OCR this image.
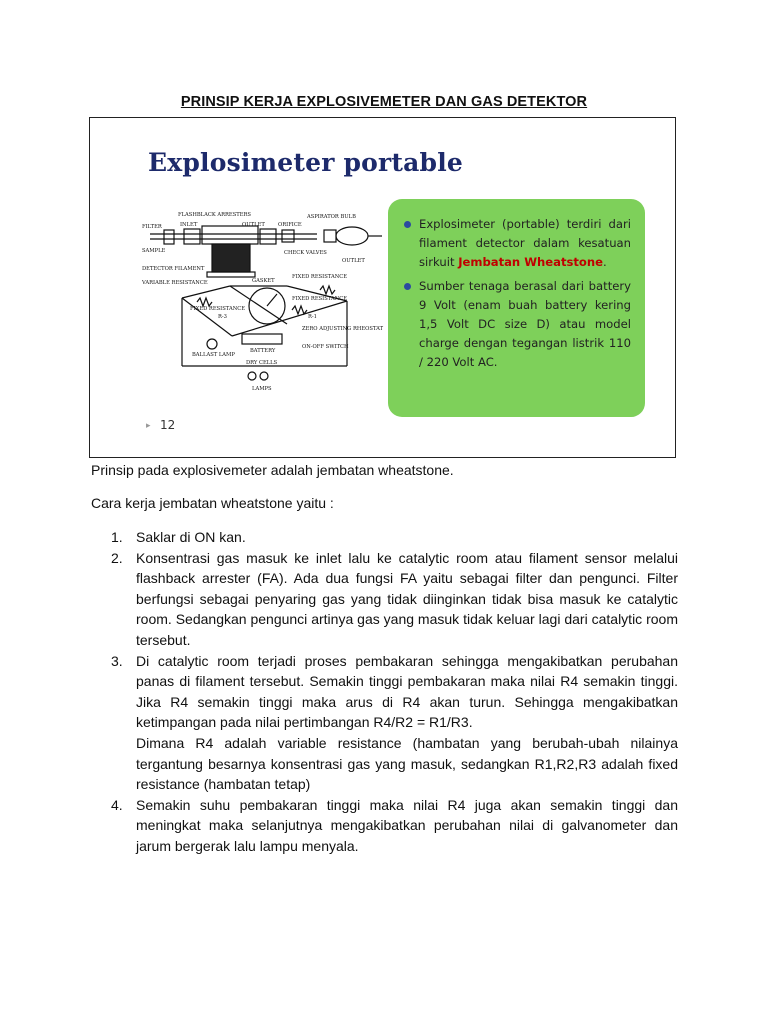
PRINSIP KERJA EXPLOSIVEMETER DAN GAS DETEKTOR
Explosimeter portable
FLASHBLACK ARRESTERS	ASPIRATOR BULB
FILTER	INLET	OUTLET	ORIFICE
SAMPLE	CHECK VALVES
OUTLET
GASKET
DETECTOR FILAMENT
VARIABLE RESISTANCE
FIXED RESISTANCE
FIXED RESISTANCE
R-3
FIXED RESISTANCE
R-1
ZERO ADJUSTING RHEOSTAT
BALLAST LAMP
BATTERY
ON-OFF SWITCH
DRY CELLS
LAMPS
Explosimeter (portable) terdiri dari filament detector dalam kesatuan sirkuit Jembatan Wheatstone.
Sumber tenaga berasal dari battery 9 Volt (enam buah battery kering 1,5 Volt DC size D) atau model charge dengan tegangan listrik 110 / 220 Volt AC.
▸ 12
Prinsip pada explosivemeter adalah jembatan wheatstone.
Cara kerja jembatan wheatstone yaitu :
1. Saklar di ON kan.

2. Konsentrasi gas masuk ke inlet lalu ke catalytic room atau filament sensor melalui flashback arrester (FA). Ada dua fungsi FA yaitu sebagai filter dan pengunci. Filter berfungsi sebagai penyaring gas yang tidak diinginkan tidak bisa masuk ke catalytic room. Sedangkan pengunci artinya gas yang masuk tidak keluar lagi dari catalytic room tersebut.

3. Di catalytic room terjadi proses pembakaran sehingga mengakibatkan perubahan panas di filament tersebut. Semakin tinggi pembakaran maka nilai R4 semakin tinggi. Jika R4 semakin tinggi maka arus di R4 akan turun. Sehingga mengakibatkan ketimpangan pada nilai pertimbangan R4/R2 = R1/R3.

Dimana R4 adalah variable resistance (hambatan yang berubah-ubah nilainya tergantung besarnya konsentrasi gas yang masuk, sedangkan R1,R2,R3 adalah fixed resistance (hambatan tetap)

4. Semakin suhu pembakaran tinggi maka nilai R4 juga akan semakin tinggi dan meningkat maka selanjutnya mengakibatkan perubahan nilai di galvanometer dan jarum bergerak lalu lampu menyala.
